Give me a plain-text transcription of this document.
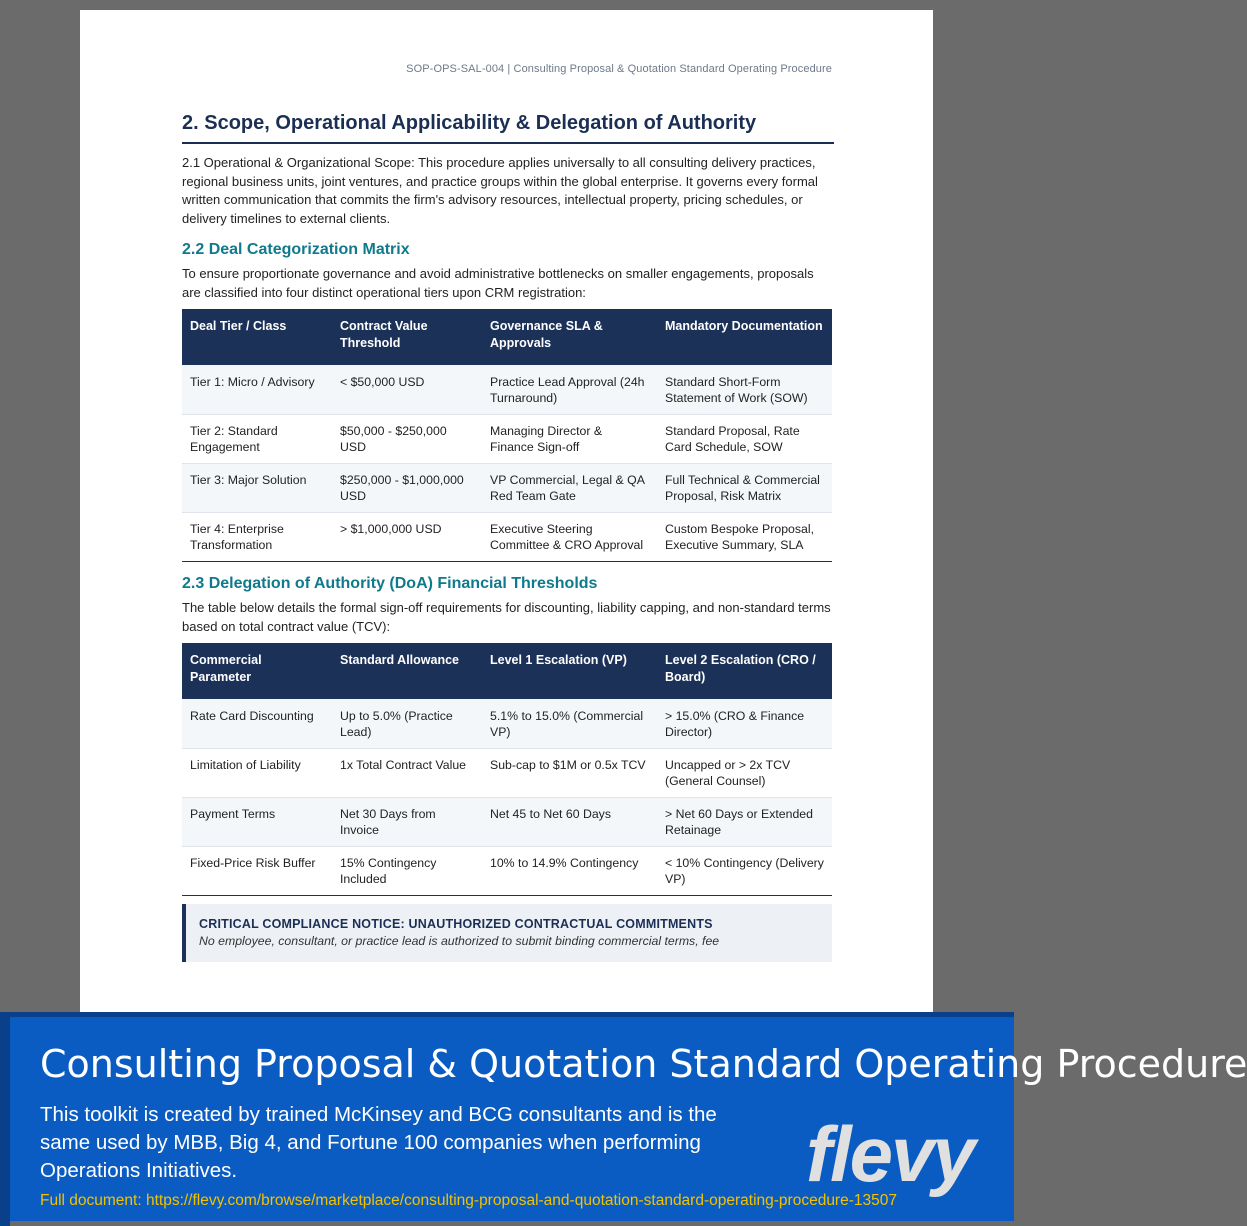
SOP-OPS-SAL-004 | Consulting Proposal & Quotation Standard Operating Procedure
2. Scope, Operational Applicability & Delegation of Authority

2.1 Operational & Organizational Scope: This procedure applies universally to all consulting delivery practices, regional business units, joint ventures, and practice groups within the global enterprise. It governs every formal written communication that commits the firm's advisory resources, intellectual property, pricing schedules, or delivery timelines to external clients.

2.2 Deal Categorization Matrix

To ensure proportionate governance and avoid administrative bottlenecks on smaller engagements, proposals are classified into four distinct operational tiers upon CRM registration:

Deal Tier / Class	Contract Value Threshold	Governance SLA & Approvals	Mandatory Documentation
Tier 1: Micro / Advisory	< $50,000 USD	Practice Lead Approval (24h Turnaround)	Standard Short-Form Statement of Work (SOW)
Tier 2: Standard Engagement	$50,000 - $250,000 USD	Managing Director & Finance Sign-off	Standard Proposal, Rate Card Schedule, SOW
Tier 3: Major Solution	$250,000 - $1,000,000 USD	VP Commercial, Legal & QA Red Team Gate	Full Technical & Commercial Proposal, Risk Matrix
Tier 4: Enterprise Transformation	> $1,000,000 USD	Executive Steering Committee & CRO Approval	Custom Bespoke Proposal, Executive Summary, SLA
2.3 Delegation of Authority (DoA) Financial Thresholds

The table below details the formal sign-off requirements for discounting, liability capping, and non-standard terms based on total contract value (TCV):

Commercial Parameter	Standard Allowance	Level 1 Escalation (VP)	Level 2 Escalation (CRO / Board)
Rate Card Discounting	Up to 5.0% (Practice Lead)	5.1% to 15.0% (Commercial VP)	> 15.0% (CRO & Finance Director)
Limitation of Liability	1x Total Contract Value	Sub-cap to $1M or 0.5x TCV	Uncapped or > 2x TCV (General Counsel)
Payment Terms	Net 30 Days from Invoice	Net 45 to Net 60 Days	> Net 60 Days or Extended Retainage
Fixed-Price Risk Buffer	15% Contingency Included	10% to 14.9% Contingency	< 10% Contingency (Delivery VP)
CRITICAL COMPLIANCE NOTICE: UNAUTHORIZED CONTRACTUAL COMMITMENTS
No employee, consultant, or practice lead is authorized to submit binding commercial terms, fee
Consulting Proposal & Quotation Standard Operating Procedure
This toolkit is created by trained McKinsey and BCG consultants and is the same used by MBB, Big 4, and Fortune 100 companies when performing Operations Initiatives.
Full document: https://flevy.com/browse/marketplace/consulting-proposal-and-quotation-standard-operating-procedure-13507
flevy
